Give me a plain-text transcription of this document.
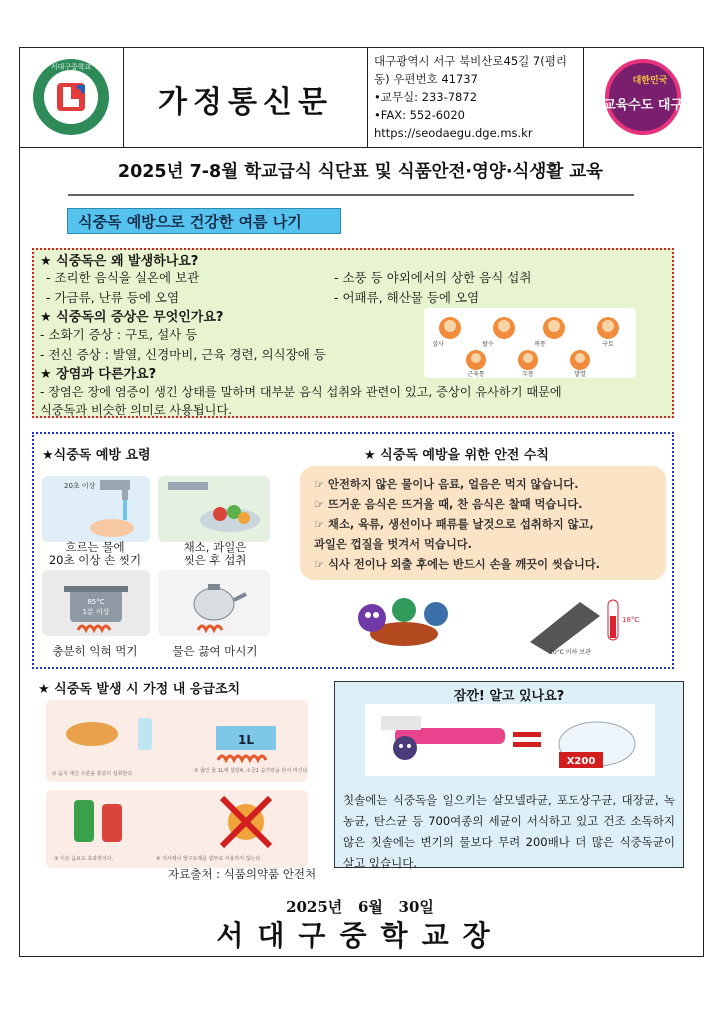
서대구중학교
가정통신문
대구광역시 서구 북비산로45길 7(평리
동) 우편번호 41737
•교무실: 233-7872
•FAX: 552-6020
https://seodaegu.dge.ms.kr
대한민국
교육수도 대구
2025년 7-8월 학교급식 식단표 및 식품안전·영양·식생활 교육
식중독 예방으로 건강한 여름 나기
★ 식중독은 왜 발생하나요?
- 조리한 음식을 실온에 보관	- 소풍 등 야외에서의 상한 음식 섭취
- 가금류, 난류 등에 오염	- 어패류, 해산물 등에 오염
★ 식중독의 증상은 무엇인가요?
- 소화기 증상 : 구토, 설사 등
- 전신 증상 : 발열, 신경마비, 근육 경련, 의식장애 등
★ 장염과 다른가요?
- 장염은 장에 염증이 생긴 상태를 말하며 대부분 음식 섭취와 관련이 있고, 증상이 유사하기 때문에
식중독과 비슷한 의미로 사용됩니다.
설사	탈수	복통	구토
근육통	두통	발열
★식중독 예방 요령	★ 식중독 예방을 위한 안전 수칙
20초 이상
흐르는 물에
20초 이상 손 씻기
채소, 과일은
씻은 후 섭취
85°C
1분 이상
충분히 익혀 먹기	물은 끓여 마시기
☞ 안전하지 않은 물이나 음료, 얼음은 먹지 않습니다.
☞ 뜨거운 음식은 뜨거울 때, 찬 음식은 찰때 먹습니다.
☞ 채소, 육류, 생선이나 패류를 날것으로 섭취하지 않고,
과일은 껍질을 벗겨서 먹습니다.
☞ 식사 전이나 외출 후에는 반드시 손을 깨끗이 씻습니다.
18°C
10°C 이하 보관
★ 식중독 발생 시 가정 내 응급조치
1L
① 음식 대신 수분을 충분히 섭취한다.	② 끓인 물 1L에 설탕4, 소금1 숟가락을 타서 마신다.
③ 이온 음료도 효과적이다.	④ 지사제나 항구토제를 함부로 사용하지 않는다.
자료출처 : 식품의약품 안전처
잠깐! 알고 있나요?
X200
칫솔에는 식중독을 일으키는 살모넬라균, 포도상구균, 대장균, 녹농균, 탄스균 등 700여종의 세균이 서식하고 있고 건조 소독하지 않은 칫솔에는 변기의 물보다 무려 200배나 더 많은 식중독균이 살고 있습니다.
2025년   6월   30일
서대구중학교장
